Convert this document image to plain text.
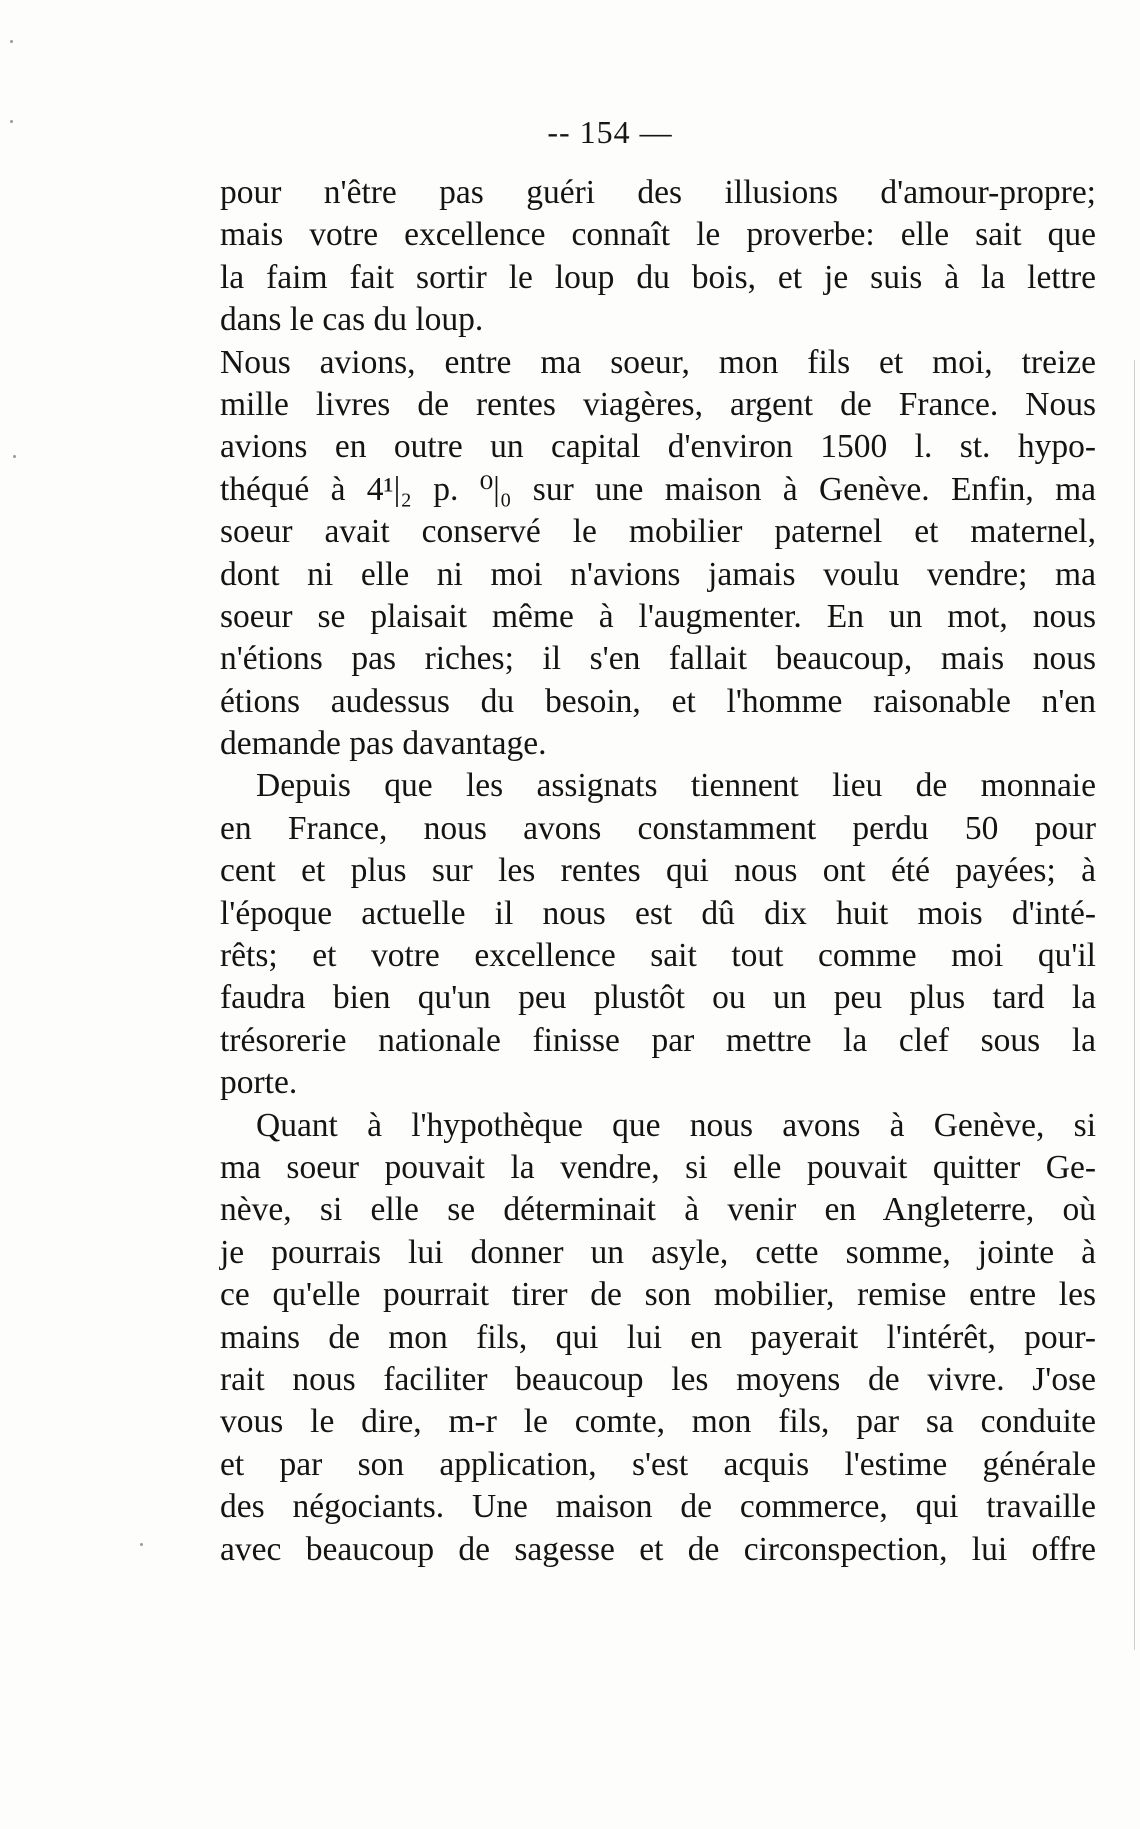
-- 154 —
pour n'être pas guéri des illusions d'amour-propre;
mais votre excellence connaît le proverbe: elle sait que
la faim fait sortir le loup du bois, et je suis à la lettre
dans le cas du loup.
Nous avions, entre ma soeur, mon fils et moi, treize
mille livres de rentes viagères, argent de France. Nous
avions en outre un capital d'environ 1500 l. st. hypo-
théqué à 4¹|₂ p. ⁰|₀ sur une maison à Genève. Enfin, ma
soeur avait conservé le mobilier paternel et maternel,
dont ni elle ni moi n'avions jamais voulu vendre; ma
soeur se plaisait même à l'augmenter. En un mot, nous
n'étions pas riches; il s'en fallait beaucoup, mais nous
étions audessus du besoin, et l'homme raisonable n'en
demande pas davantage.
Depuis que les assignats tiennent lieu de monnaie
en France, nous avons constamment perdu 50 pour
cent et plus sur les rentes qui nous ont été payées; à
l'époque actuelle il nous est dû dix huit mois d'inté-
rêts; et votre excellence sait tout comme moi qu'il
faudra bien qu'un peu plustôt ou un peu plus tard la
trésorerie nationale finisse par mettre la clef sous la
porte.
Quant à l'hypothèque que nous avons à Genève, si
ma soeur pouvait la vendre, si elle pouvait quitter Ge-
nève, si elle se déterminait à venir en Angleterre, où
je pourrais lui donner un asyle, cette somme, jointe à
ce qu'elle pourrait tirer de son mobilier, remise entre les
mains de mon fils, qui lui en payerait l'intérêt, pour-
rait nous faciliter beaucoup les moyens de vivre. J'ose
vous le dire, m-r le comte, mon fils, par sa conduite
et par son application, s'est acquis l'estime générale
des négociants. Une maison de commerce, qui travaille
avec beaucoup de sagesse et de circonspection, lui offre
